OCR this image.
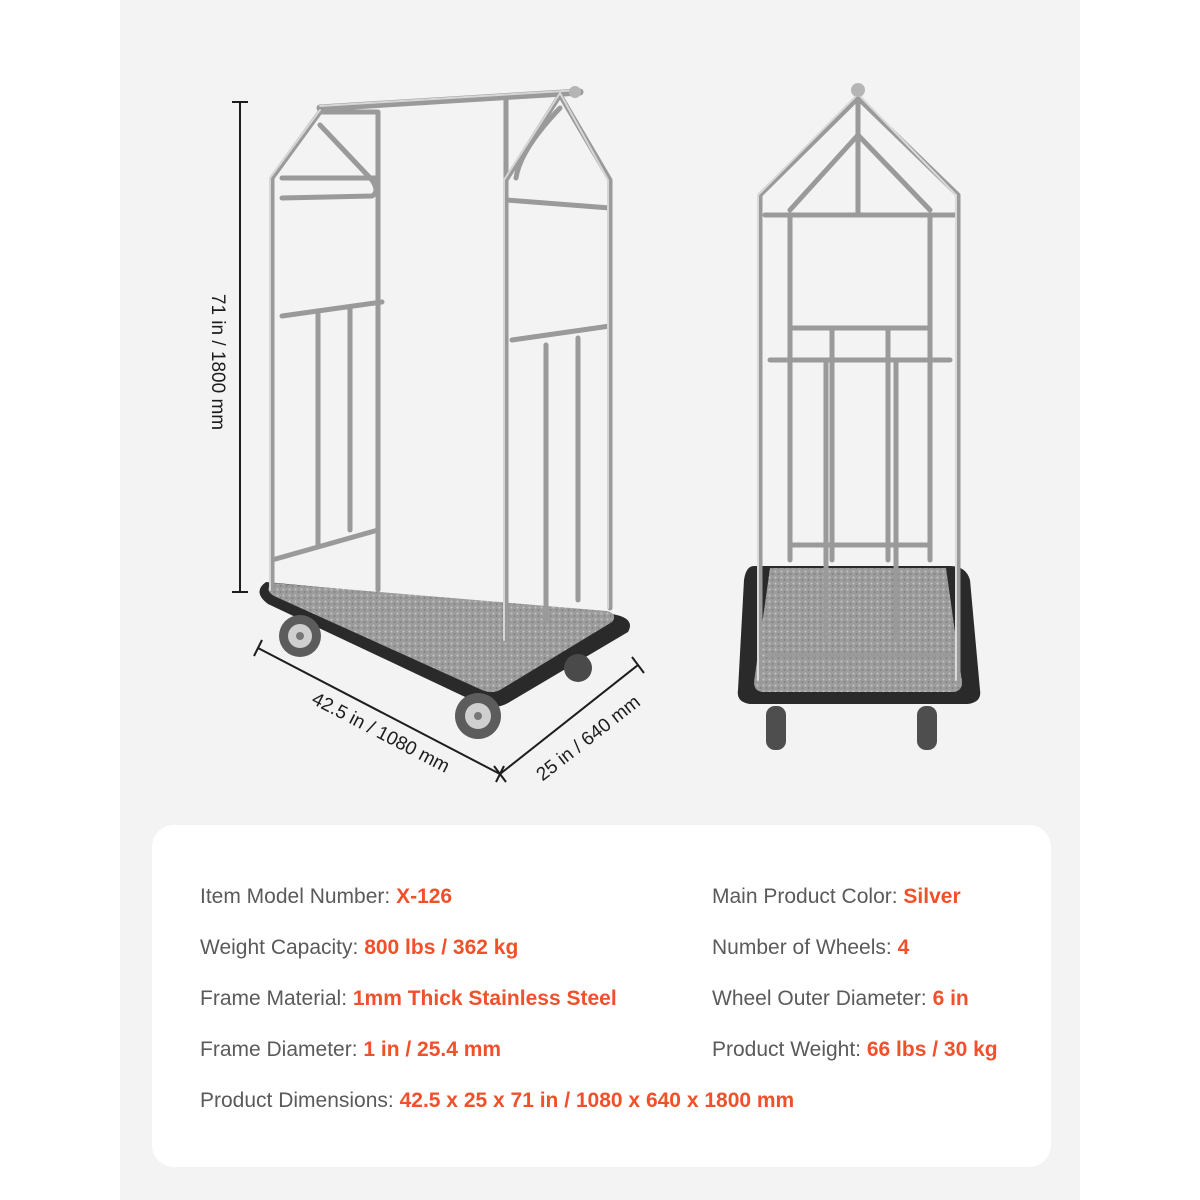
71 in / 1800 mm
42.5 in / 1080 mm	25 in / 640 mm
Item Model Number: X-126	Main Product Color: Silver
Weight Capacity: 800 lbs / 362 kg	Number of Wheels: 4
Frame Material: 1mm Thick Stainless Steel	Wheel Outer Diameter: 6 in
Frame Diameter: 1 in / 25.4 mm	Product Weight: 66 lbs / 30 kg
Product Dimensions: 42.5 x 25 x 71 in / 1080 x 640 x 1800 mm
